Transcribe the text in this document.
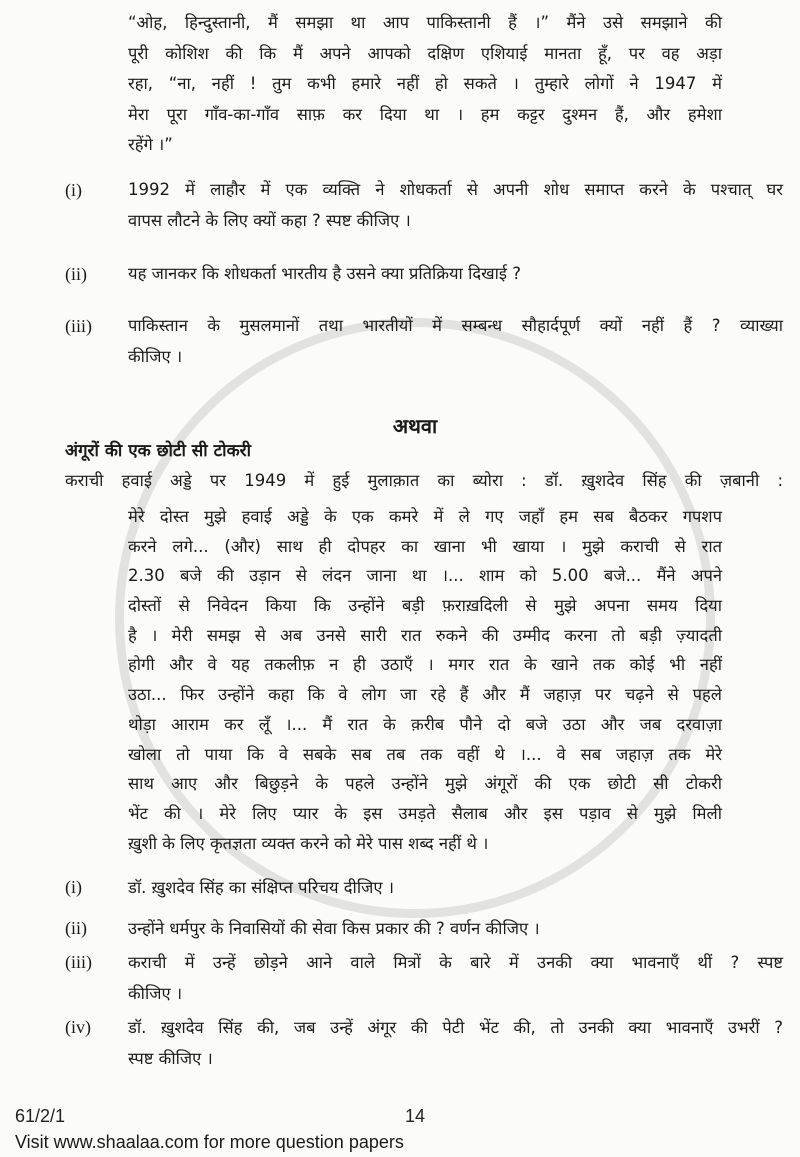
“ओह, हिन्दुस्तानी, मैं समझा था आप पाकिस्तानी हैं ।” मैंने उसे समझाने की
पूरी कोशिश की कि मैं अपने आपको दक्षिण एशियाई मानता हूँ, पर वह अड़ा
रहा, “ना, नहीं ! तुम कभी हमारे नहीं हो सकते । तुम्हारे लोगों ने 1947 में
मेरा पूरा गाँव-का-गाँव साफ़ कर दिया था । हम कट्टर दुश्मन हैं, और हमेशा
रहेंगे ।”
(i)	1992 में लाहौर में एक व्यक्ति ने शोधकर्ता से अपनी शोध समाप्त करने के पश्चात् घर
वापस लौटने के लिए क्यों कहा ? स्पष्ट कीजिए ।
(ii) यह जानकर कि शोधकर्ता भारतीय है उसने क्या प्रतिक्रिया दिखाई ?
(iii) पाकिस्तान के मुसलमानों तथा भारतीयों में सम्बन्ध सौहार्दपूर्ण क्यों नहीं हैं ? व्याख्या
कीजिए ।
अथवा
अंगूरों की एक छोटी सी टोकरी
कराची हवाई अड्डे पर 1949 में हुई मुलाक़ात का ब्योरा : डॉ. ख़ुशदेव सिंह की ज़बानी :
मेरे दोस्त मुझे हवाई अड्डे के एक कमरे में ले गए जहाँ हम सब बैठकर गपशप
करने लगे... (और) साथ ही दोपहर का खाना भी खाया । मुझे कराची से रात
2.30 बजे की उड़ान से लंदन जाना था ।... शाम को 5.00 बजे... मैंने अपने
दोस्तों से निवेदन किया कि उन्होंने बड़ी फ़राख़दिली से मुझे अपना समय दिया
है । मेरी समझ से अब उनसे सारी रात रुकने की उम्मीद करना तो बड़ी ज़्यादती
होगी और वे यह तकलीफ़ न ही उठाएँ । मगर रात के खाने तक कोई भी नहीं
उठा... फिर उन्होंने कहा कि वे लोग जा रहे हैं और मैं जहाज़ पर चढ़ने से पहले
थोड़ा आराम कर लूँ ।... मैं रात के क़रीब पौने दो बजे उठा और जब दरवाज़ा
खोला तो पाया कि वे सबके सब तब तक वहीं थे ।... वे सब जहाज़ तक मेरे
साथ आए और बिछुड़ने के पहले उन्होंने मुझे अंगूरों की एक छोटी सी टोकरी
भेंट की । मेरे लिए प्यार के इस उमड़ते सैलाब और इस पड़ाव से मुझे मिली
ख़ुशी के लिए कृतज्ञता व्यक्त करने को मेरे पास शब्द नहीं थे ।
(i)	डॉ. ख़ुशदेव सिंह का संक्षिप्त परिचय दीजिए ।
(ii) उन्होंने धर्मपुर के निवासियों की सेवा किस प्रकार की ? वर्णन कीजिए ।
(iii) कराची में उन्हें छोड़ने आने वाले मित्रों के बारे में उनकी क्या भावनाएँ थीं ? स्पष्ट
कीजिए ।
(iv) डॉ. ख़ुशदेव सिंह की, जब उन्हें अंगूर की पेटी भेंट की, तो उनकी क्या भावनाएँ उभरीं ?
स्पष्ट कीजिए ।
61/2/1	14
Visit www.shaalaa.com for more question papers
